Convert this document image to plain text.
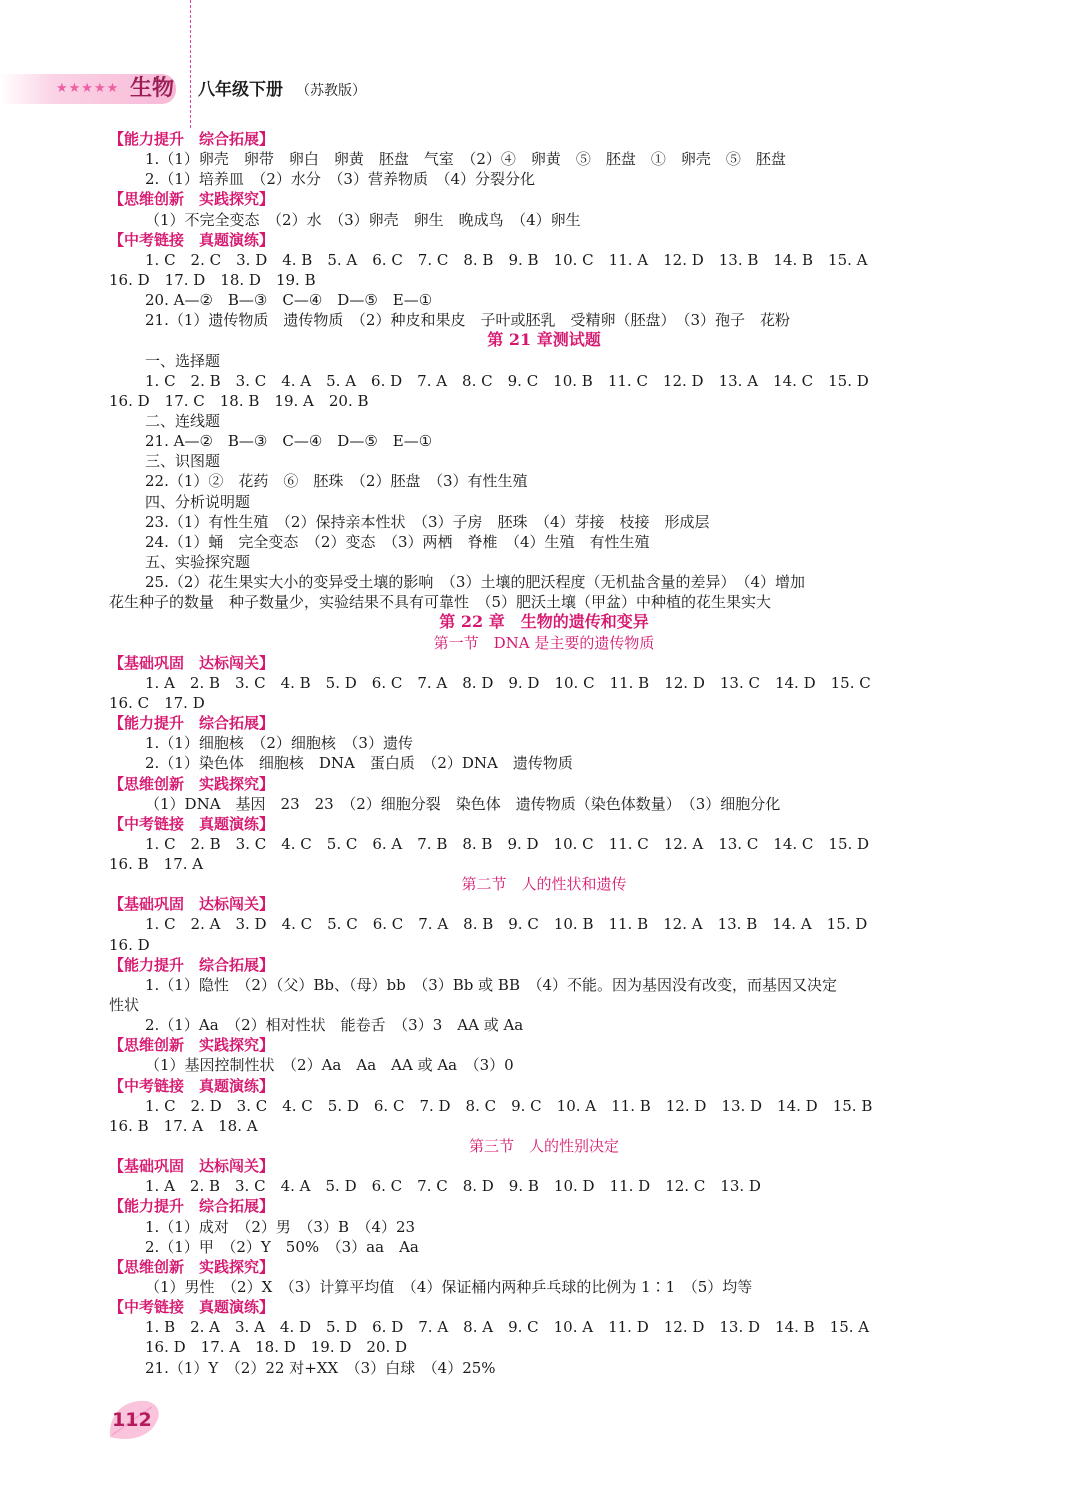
★★★★★ 生物 八年级下册 （苏教版）
【能力提升　综合拓展】
1.（1）卵壳　卵带　卵白　卵黄　胚盘　气室　（2）④　卵黄　⑤　胚盘　①　卵壳　⑤　胚盘
2.（1）培养皿　（2）水分　（3）营养物质　（4）分裂分化
【思维创新　实践探究】
（1）不完全变态　（2）水　（3）卵壳　卵生　晚成鸟　（4）卵生
【中考链接　真题演练】
1. C　2. C　3. D　4. B　5. A　6. C　7. C　8. B　9. B　10. C　11. A　12. D　13. B　14. B　15. A
16. D　17. D　18. D　19. B
20. A—②　B—③　C—④　D—⑤　E—①
21.（1）遗传物质　遗传物质　（2）种皮和果皮　子叶或胚乳　受精卵（胚盘）　（3）孢子　花粉
第 21 章测试题
一、选择题
1. C　2. B　3. C　4. A　5. A　6. D　7. A　8. C　9. C　10. B　11. C　12. D　13. A　14. C　15. D
16. D　17. C　18. B　19. A　20. B
二、连线题
21. A—②　B—③　C—④　D—⑤　E—①
三、识图题
22.（1）②　花药　⑥　胚珠　（2）胚盘　（3）有性生殖
四、分析说明题
23.（1）有性生殖　（2）保持亲本性状　（3）子房　胚珠　（4）芽接　枝接　形成层
24.（1）蛹　完全变态　（2）变态　（3）两栖　脊椎　（4）生殖　有性生殖
五、实验探究题
25.（2）花生果实大小的变异受土壤的影响　（3）土壤的肥沃程度（无机盐含量的差异）　（4）增加
花生种子的数量　种子数量少，实验结果不具有可靠性　（5）肥沃土壤（甲盆）中种植的花生果实大
第 22 章　生物的遗传和变异
第一节　DNA 是主要的遗传物质
【基础巩固　达标闯关】
1. A　2. B　3. C　4. B　5. D　6. C　7. A　8. D　9. D　10. C　11. B　12. D　13. C　14. D　15. C
16. C　17. D
【能力提升　综合拓展】
1.（1）细胞核　（2）细胞核　（3）遗传
2.（1）染色体　细胞核　DNA　蛋白质　（2）DNA　遗传物质
【思维创新　实践探究】
（1）DNA　基因　23　23　（2）细胞分裂　染色体　遗传物质（染色体数量）　（3）细胞分化
【中考链接　真题演练】
1. C　2. B　3. C　4. C　5. C　6. A　7. B　8. B　9. D　10. C　11. C　12. A　13. C　14. C　15. D
16. B　17. A
第二节　人的性状和遗传
【基础巩固　达标闯关】
1. C　2. A　3. D　4. C　5. C　6. C　7. A　8. B　9. C　10. B　11. B　12. A　13. B　14. A　15. D
16. D
【能力提升　综合拓展】
1.（1）隐性　（2）（父）Bb、（母）bb　（3）Bb 或 BB　（4）不能。因为基因没有改变，而基因又决定
性状
2.（1）Aa　（2）相对性状　能卷舌　（3）3　AA 或 Aa
【思维创新　实践探究】
（1）基因控制性状　（2）Aa　Aa　AA 或 Aa　（3）0
【中考链接　真题演练】
1. C　2. D　3. C　4. C　5. D　6. C　7. D　8. C　9. C　10. A　11. B　12. D　13. D　14. D　15. B
16. B　17. A　18. A
第三节　人的性别决定
【基础巩固　达标闯关】
1. A　2. B　3. C　4. A　5. D　6. C　7. C　8. D　9. B　10. D　11. D　12. C　13. D
【能力提升　综合拓展】
1.（1）成对　（2）男　（3）B　（4）23
2.（1）甲　（2）Y　50%　（3）aa　Aa
【思维创新　实践探究】
（1）男性　（2）X　（3）计算平均值　（4）保证桶内两种乒乓球的比例为 1∶1　（5）均等
【中考链接　真题演练】
1. B　2. A　3. A　4. D　5. D　6. D　7. A　8. A　9. C　10. A　11. D　12. D　13. D　14. B　15. A
16. D　17. A　18. D　19. D　20. D
21.（1）Y　（2）22 对+XX　（3）白球　（4）25%
112
